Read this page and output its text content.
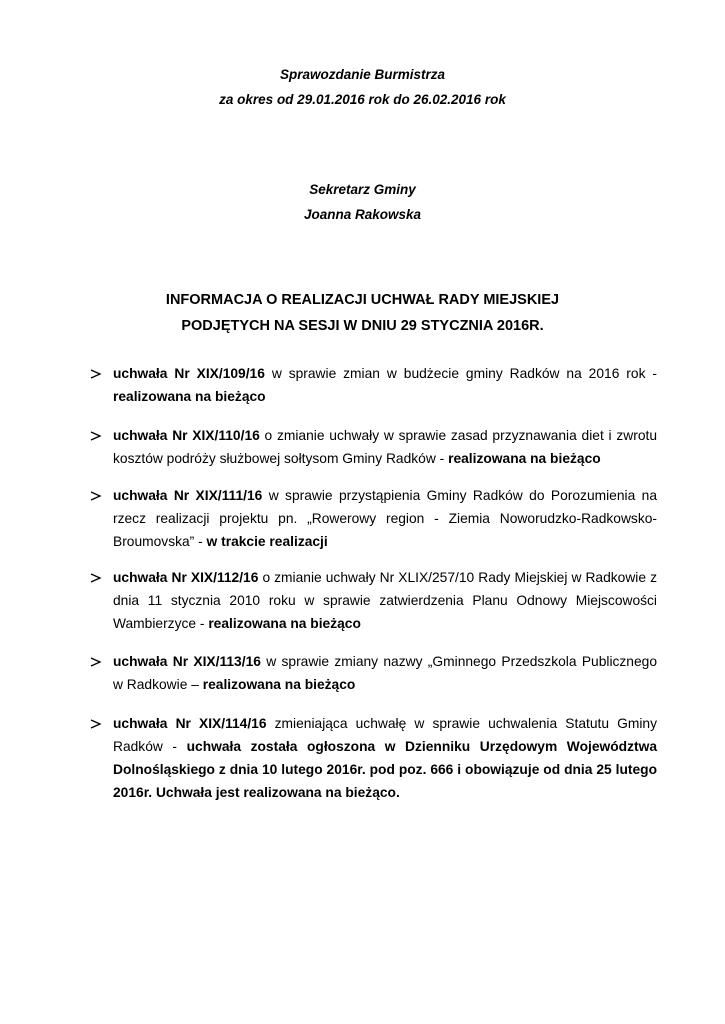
Sprawozdanie Burmistrza
za okres od 29.01.2016 rok do 26.02.2016 rok
Sekretarz Gminy
Joanna Rakowska
INFORMACJA O REALIZACJI UCHWAŁ RADY MIEJSKIEJ
PODJĘTYCH NA SESJI W DNIU 29 STYCZNIA 2016R.
uchwała Nr XIX/109/16 w sprawie zmian w budżecie gminy Radków na 2016 rok - realizowana na bieżąco
uchwała Nr XIX/110/16 o zmianie uchwały w sprawie zasad przyznawania diet i zwrotu kosztów podróży służbowej sołtysom Gminy Radków - realizowana na bieżąco
uchwała Nr XIX/111/16 w sprawie przystąpienia Gminy Radków do Porozumienia na rzecz realizacji projektu pn. „Rowerowy region - Ziemia Noworudzko-Radkowsko-Broumovska” - w trakcie realizacji
uchwała Nr XIX/112/16 o zmianie uchwały Nr XLIX/257/10 Rady Miejskiej w Radkowie z dnia 11 stycznia 2010 roku w sprawie zatwierdzenia Planu Odnowy Miejscowości Wambierzyce - realizowana na bieżąco
uchwała Nr XIX/113/16 w sprawie zmiany nazwy „Gminnego Przedszkola Publicznego w Radkowie – realizowana na bieżąco
uchwała Nr XIX/114/16 zmieniająca uchwałę w sprawie uchwalenia Statutu Gminy Radków - uchwała została ogłoszona w Dzienniku Urzędowym Województwa Dolnośląskiego z dnia 10 lutego 2016r. pod poz. 666 i obowiązuje od dnia 25 lutego 2016r. Uchwała jest realizowana na bieżąco.
